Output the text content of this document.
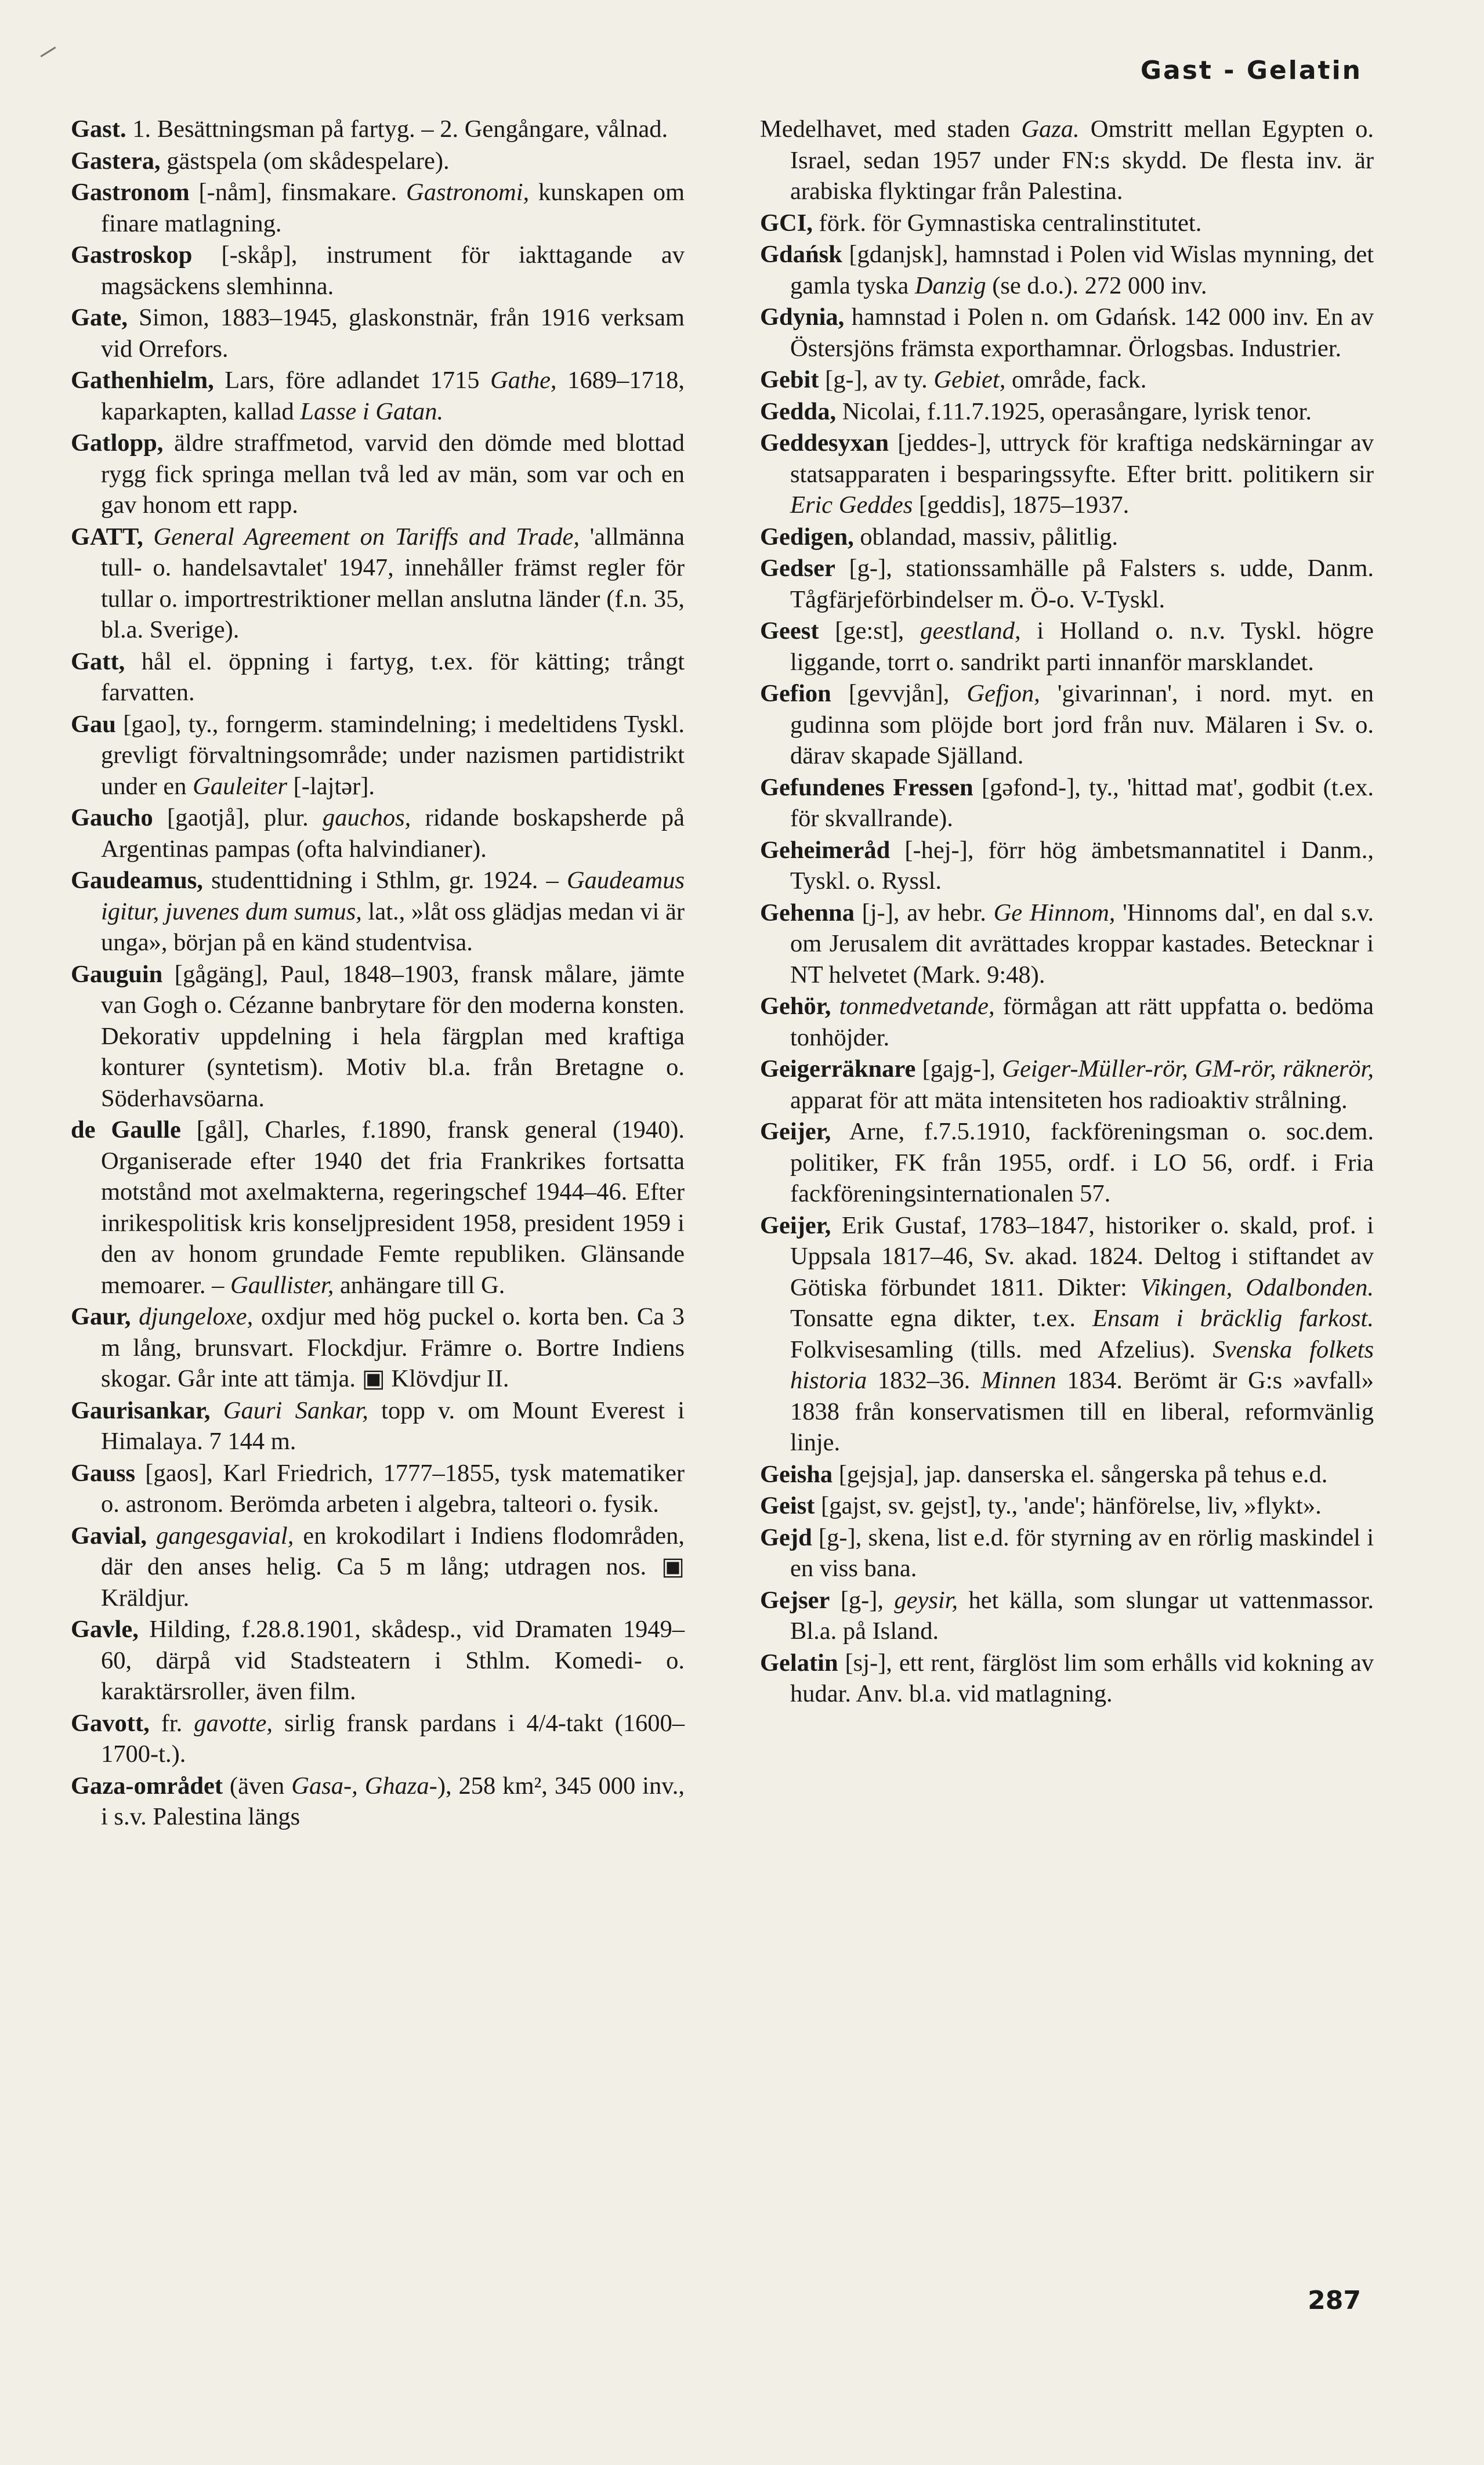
Gast - Gelatin

Gast. 1. Besättningsman på fartyg. – 2. Gengångare, vålnad.

Gastera, gästspela (om skådespelare).

Gastronom [-nåm], finsmakare. Gastronomi, kunskapen om finare matlagning.

Gastroskop [-skåp], instrument för iakttagande av magsäckens slemhinna.

Gate, Simon, 1883–1945, glaskonstnär, från 1916 verksam vid Orrefors.

Gathenhielm, Lars, före adlandet 1715 Gathe, 1689–1718, kaparkapten, kallad Lasse i Gatan.

Gatlopp, äldre straffmetod, varvid den dömde med blottad rygg fick springa mellan två led av män, som var och en gav honom ett rapp.

GATT, General Agreement on Tariffs and Trade, 'allmänna tull- o. handelsavtalet' 1947, innehåller främst regler för tullar o. importrestriktioner mellan anslutna länder (f.n. 35, bl.a. Sverige).

Gatt, hål el. öppning i fartyg, t.ex. för kätting; trångt farvatten.

Gau [gao], ty., forngerm. stamindelning; i medeltidens Tyskl. grevligt förvaltningsområde; under nazismen partidistrikt under en Gauleiter [-lajtər].

Gaucho [gaotjå], plur. gauchos, ridande boskapsherde på Argentinas pampas (ofta halvindianer).

Gaudeamus, studenttidning i Sthlm, gr. 1924. – Gaudeamus igitur, juvenes dum sumus, lat., »låt oss glädjas medan vi är unga», början på en känd studentvisa.

Gauguin [gågäng], Paul, 1848–1903, fransk målare, jämte van Gogh o. Cézanne banbrytare för den moderna konsten. Dekorativ uppdelning i hela färgplan med kraftiga konturer (syntetism). Motiv bl.a. från Bretagne o. Söderhavsöarna.

de Gaulle [gål], Charles, f.1890, fransk general (1940). Organiserade efter 1940 det fria Frankrikes fortsatta motstånd mot axelmakterna, regeringschef 1944–46. Efter inrikespolitisk kris konseljpresident 1958, president 1959 i den av honom grundade Femte republiken. Glänsande memoarer. – Gaullister, anhängare till G.

Gaur, djungeloxe, oxdjur med hög puckel o. korta ben. Ca 3 m lång, brunsvart. Flockdjur. Främre o. Bortre Indiens skogar. Går inte att tämja. ▣ Klövdjur II.

Gaurisankar, Gauri Sankar, topp v. om Mount Everest i Himalaya. 7 144 m.

Gauss [gaos], Karl Friedrich, 1777–1855, tysk matematiker o. astronom. Berömda arbeten i algebra, talteori o. fysik.

Gavial, gangesgavial, en krokodilart i Indiens flodområden, där den anses helig. Ca 5 m lång; utdragen nos. ▣ Kräldjur.

Gavle, Hilding, f.28.8.1901, skådesp., vid Dramaten 1949–60, därpå vid Stadsteatern i Sthlm. Komedi- o. karaktärsroller, även film.

Gavott, fr. gavotte, sirlig fransk pardans i 4/4-takt (1600–1700-t.).

Gaza-området (även Gasa-, Ghaza-), 258 km², 345 000 inv., i s.v. Palestina längs

Medelhavet, med staden Gaza. Omstritt mellan Egypten o. Israel, sedan 1957 under FN:s skydd. De flesta inv. är arabiska flyktingar från Palestina.

GCI, förk. för Gymnastiska centralinstitutet.

Gdańsk [gdanjsk], hamnstad i Polen vid Wislas mynning, det gamla tyska Danzig (se d.o.). 272 000 inv.

Gdynia, hamnstad i Polen n. om Gdańsk. 142 000 inv. En av Östersjöns främsta exporthamnar. Örlogsbas. Industrier.

Gebit [g-], av ty. Gebiet, område, fack.

Gedda, Nicolai, f.11.7.1925, operasångare, lyrisk tenor.

Geddesyxan [jeddes-], uttryck för kraftiga nedskärningar av statsapparaten i besparingssyfte. Efter britt. politikern sir Eric Geddes [geddis], 1875–1937.

Gedigen, oblandad, massiv, pålitlig.

Gedser [g-], stationssamhälle på Falsters s. udde, Danm. Tågfärjeförbindelser m. Ö-o. V-Tyskl.

Geest [ge:st], geestland, i Holland o. n.v. Tyskl. högre liggande, torrt o. sandrikt parti innanför marsklandet.

Gefion [gevvjån], Gefjon, 'givarinnan', i nord. myt. en gudinna som plöjde bort jord från nuv. Mälaren i Sv. o. därav skapade Själland.

Gefundenes Fressen [gəfond-], ty., 'hittad mat', godbit (t.ex. för skvallrande).

Geheimeråd [-hej-], förr hög ämbetsmannatitel i Danm., Tyskl. o. Ryssl.

Gehenna [j-], av hebr. Ge Hinnom, 'Hinnoms dal', en dal s.v. om Jerusalem dit avrättades kroppar kastades. Betecknar i NT helvetet (Mark. 9:48).

Gehör, tonmedvetande, förmågan att rätt uppfatta o. bedöma tonhöjder.

Geigerräknare [gajg-], Geiger-Müller-rör, GM-rör, räknerör, apparat för att mäta intensiteten hos radioaktiv strålning.

Geijer, Arne, f.7.5.1910, fackföreningsman o. soc.dem. politiker, FK från 1955, ordf. i LO 56, ordf. i Fria fackföreningsinternationalen 57.

Geijer, Erik Gustaf, 1783–1847, historiker o. skald, prof. i Uppsala 1817–46, Sv. akad. 1824. Deltog i stiftandet av Götiska förbundet 1811. Dikter: Vikingen, Odalbonden. Tonsatte egna dikter, t.ex. Ensam i bräcklig farkost. Folkvisesamling (tills. med Afzelius). Svenska folkets historia 1832–36. Minnen 1834. Berömt är G:s »avfall» 1838 från konservatismen till en liberal, reformvänlig linje.

Geisha [gejsja], jap. danserska el. sångerska på tehus e.d.

Geist [gajst, sv. gejst], ty., 'ande'; hänförelse, liv, »flykt».

Gejd [g-], skena, list e.d. för styrning av en rörlig maskindel i en viss bana.

Gejser [g-], geysir, het källa, som slungar ut vattenmassor. Bl.a. på Island.

Gelatin [sj-], ett rent, färglöst lim som erhålls vid kokning av hudar. Anv. bl.a. vid matlagning.

287
